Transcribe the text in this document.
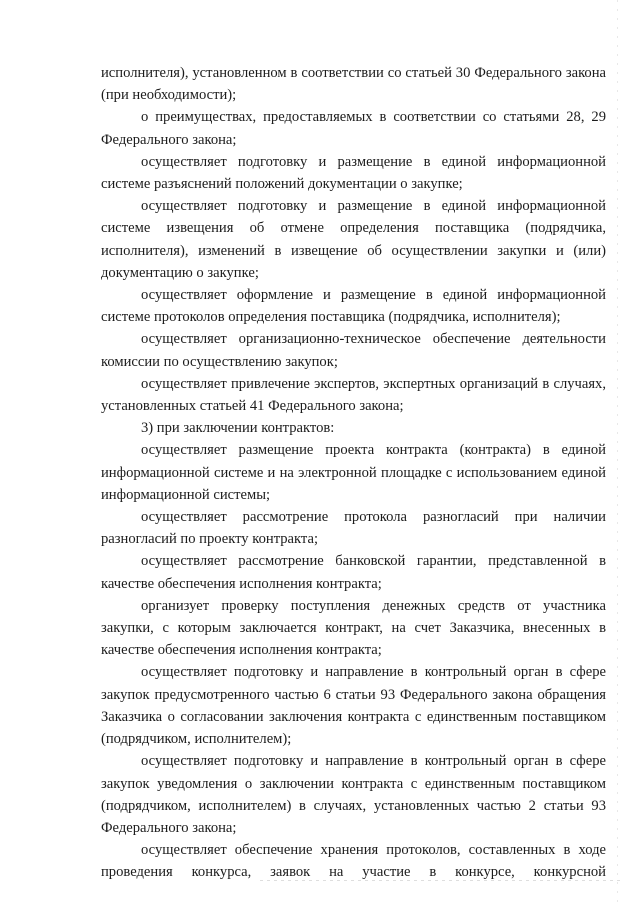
исполнителя), установленном в соответствии со статьей 30 Федерального закона (при необходимости);

о преимуществах, предоставляемых в соответствии со статьями 28, 29 Федерального закона;

осуществляет подготовку и размещение в единой информационной системе разъяснений положений документации о закупке;

осуществляет подготовку и размещение в единой информационной системе извещения об отмене определения поставщика (подрядчика, исполнителя), изменений в извещение об осуществлении закупки и (или) документацию о закупке;

осуществляет оформление и размещение в единой информационной системе протоколов определения поставщика (подрядчика, исполнителя);

осуществляет организационно-техническое обеспечение деятельности комиссии по осуществлению закупок;

осуществляет привлечение экспертов, экспертных организаций в случаях, установленных статьей 41 Федерального закона;

3) при заключении контрактов:

осуществляет размещение проекта контракта (контракта) в единой информационной системе и на электронной площадке с использованием единой информационной системы;

осуществляет рассмотрение протокола разногласий при наличии разногласий по проекту контракта;

осуществляет рассмотрение банковской гарантии, представленной в качестве обеспечения исполнения контракта;

организует проверку поступления денежных средств от участника закупки, с которым заключается контракт, на счет Заказчика, внесенных в качестве обеспечения исполнения контракта;

осуществляет подготовку и направление в контрольный орган в сфере закупок предусмотренного частью 6 статьи 93 Федерального закона обращения Заказчика о согласовании заключения контракта с единственным поставщиком (подрядчиком, исполнителем);

осуществляет подготовку и направление в контрольный орган в сфере закупок уведомления о заключении контракта с единственным поставщиком (подрядчиком, исполнителем) в случаях, установленных частью 2 статьи 93 Федерального закона;

осуществляет обеспечение хранения протоколов, составленных в ходе проведения конкурса, заявок на участие в конкурсе, конкурсной
